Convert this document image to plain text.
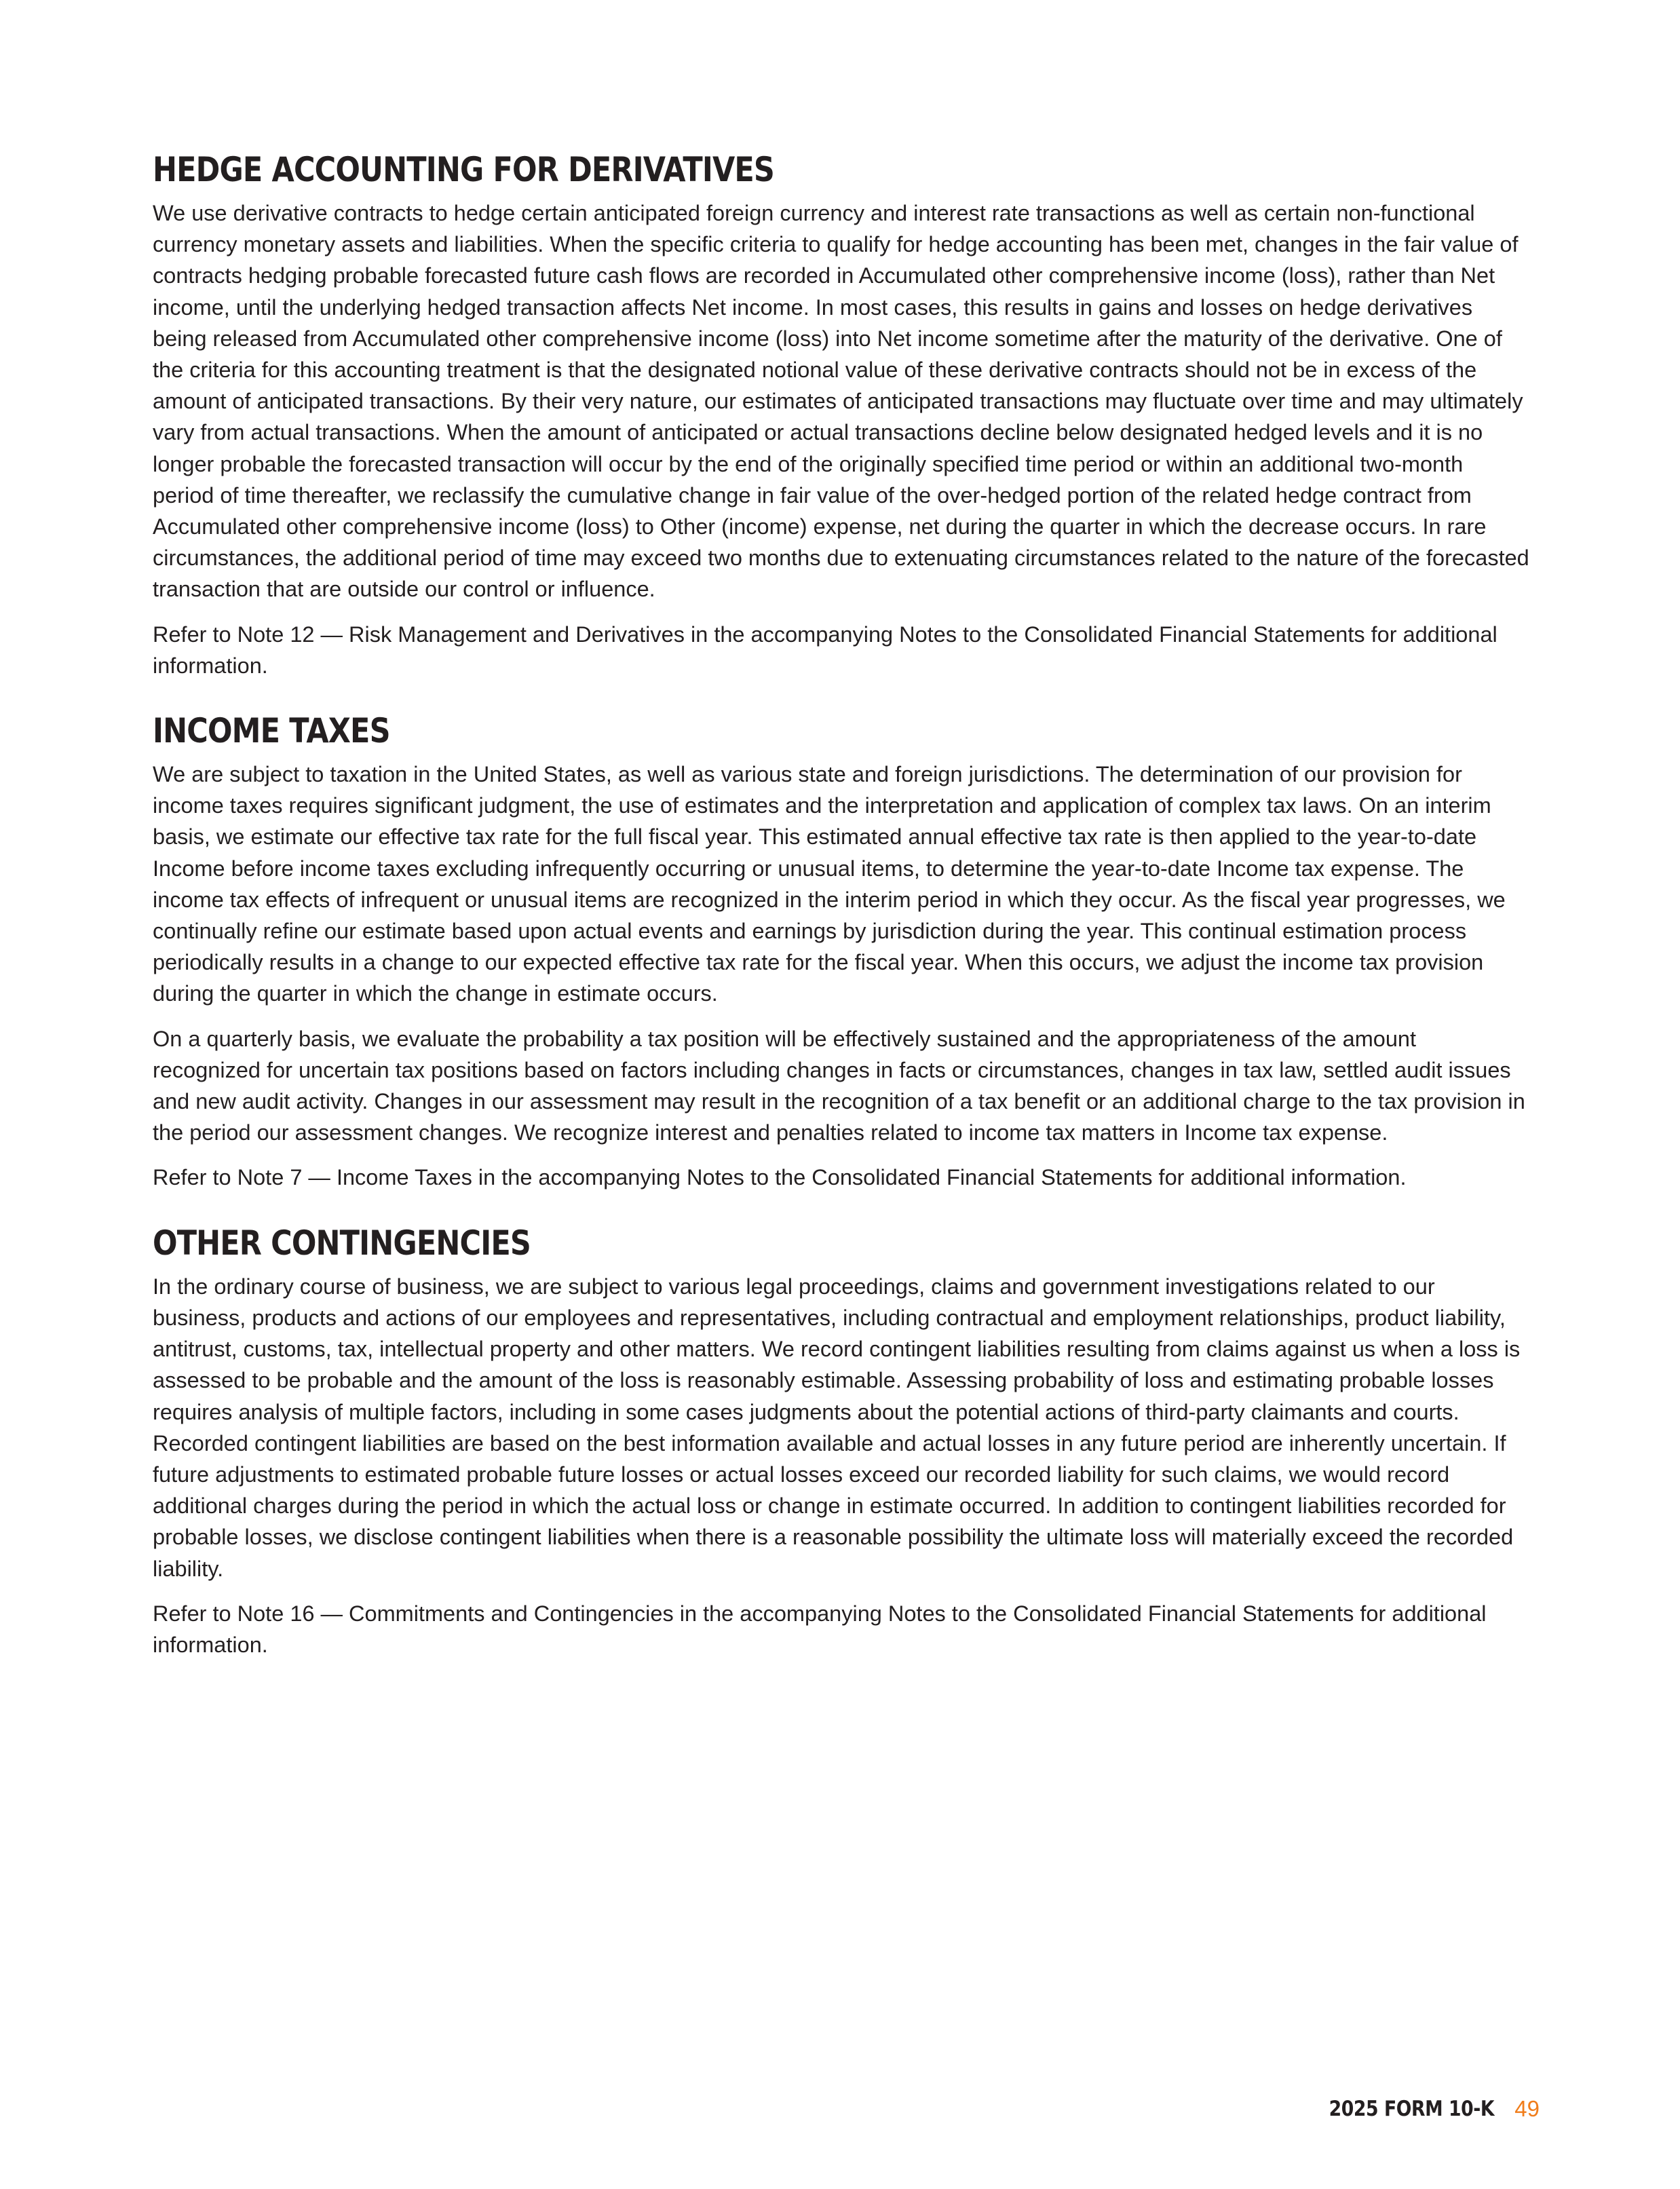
HEDGE ACCOUNTING FOR DERIVATIVES

We use derivative contracts to hedge certain anticipated foreign currency and interest rate transactions as well as certain non-functional currency monetary assets and liabilities. When the specific criteria to qualify for hedge accounting has been met, changes in the fair value of contracts hedging probable forecasted future cash flows are recorded in Accumulated other comprehensive income (loss), rather than Net income, until the underlying hedged transaction affects Net income. In most cases, this results in gains and losses on hedge derivatives being released from Accumulated other comprehensive income (loss) into Net income sometime after the maturity of the derivative. One of the criteria for this accounting treatment is that the designated notional value of these derivative contracts should not be in excess of the amount of anticipated transactions. By their very nature, our estimates of anticipated transactions may fluctuate over time and may ultimately vary from actual transactions. When the amount of anticipated or actual transactions decline below designated hedged levels and it is no longer probable the forecasted transaction will occur by the end of the originally specified time period or within an additional two-month period of time thereafter, we reclassify the cumulative change in fair value of the over-hedged portion of the related hedge contract from Accumulated other comprehensive income (loss) to Other (income) expense, net during the quarter in which the decrease occurs. In rare circumstances, the additional period of time may exceed two months due to extenuating circumstances related to the nature of the forecasted transaction that are outside our control or influence.

Refer to Note 12 — Risk Management and Derivatives in the accompanying Notes to the Consolidated Financial Statements for additional information.

INCOME TAXES

We are subject to taxation in the United States, as well as various state and foreign jurisdictions. The determination of our provision for income taxes requires significant judgment, the use of estimates and the interpretation and application of complex tax laws. On an interim basis, we estimate our effective tax rate for the full fiscal year. This estimated annual effective tax rate is then applied to the year-to-date Income before income taxes excluding infrequently occurring or unusual items, to determine the year-to-date Income tax expense. The income tax effects of infrequent or unusual items are recognized in the interim period in which they occur. As the fiscal year progresses, we continually refine our estimate based upon actual events and earnings by jurisdiction during the year. This continual estimation process periodically results in a change to our expected effective tax rate for the fiscal year. When this occurs, we adjust the income tax provision during the quarter in which the change in estimate occurs.

On a quarterly basis, we evaluate the probability a tax position will be effectively sustained and the appropriateness of the amount recognized for uncertain tax positions based on factors including changes in facts or circumstances, changes in tax law, settled audit issues and new audit activity. Changes in our assessment may result in the recognition of a tax benefit or an additional charge to the tax provision in the period our assessment changes. We recognize interest and penalties related to income tax matters in Income tax expense.

Refer to Note 7 — Income Taxes in the accompanying Notes to the Consolidated Financial Statements for additional information.

OTHER CONTINGENCIES

In the ordinary course of business, we are subject to various legal proceedings, claims and government investigations related to our business, products and actions of our employees and representatives, including contractual and employment relationships, product liability, antitrust, customs, tax, intellectual property and other matters. We record contingent liabilities resulting from claims against us when a loss is assessed to be probable and the amount of the loss is reasonably estimable. Assessing probability of loss and estimating probable losses requires analysis of multiple factors, including in some cases judgments about the potential actions of third-party claimants and courts. Recorded contingent liabilities are based on the best information available and actual losses in any future period are inherently uncertain. If future adjustments to estimated probable future losses or actual losses exceed our recorded liability for such claims, we would record additional charges during the period in which the actual loss or change in estimate occurred. In addition to contingent liabilities recorded for probable losses, we disclose contingent liabilities when there is a reasonable possibility the ultimate loss will materially exceed the recorded liability.

Refer to Note 16 — Commitments and Contingencies in the accompanying Notes to the Consolidated Financial Statements for additional information.

2025 FORM 10-K 49
